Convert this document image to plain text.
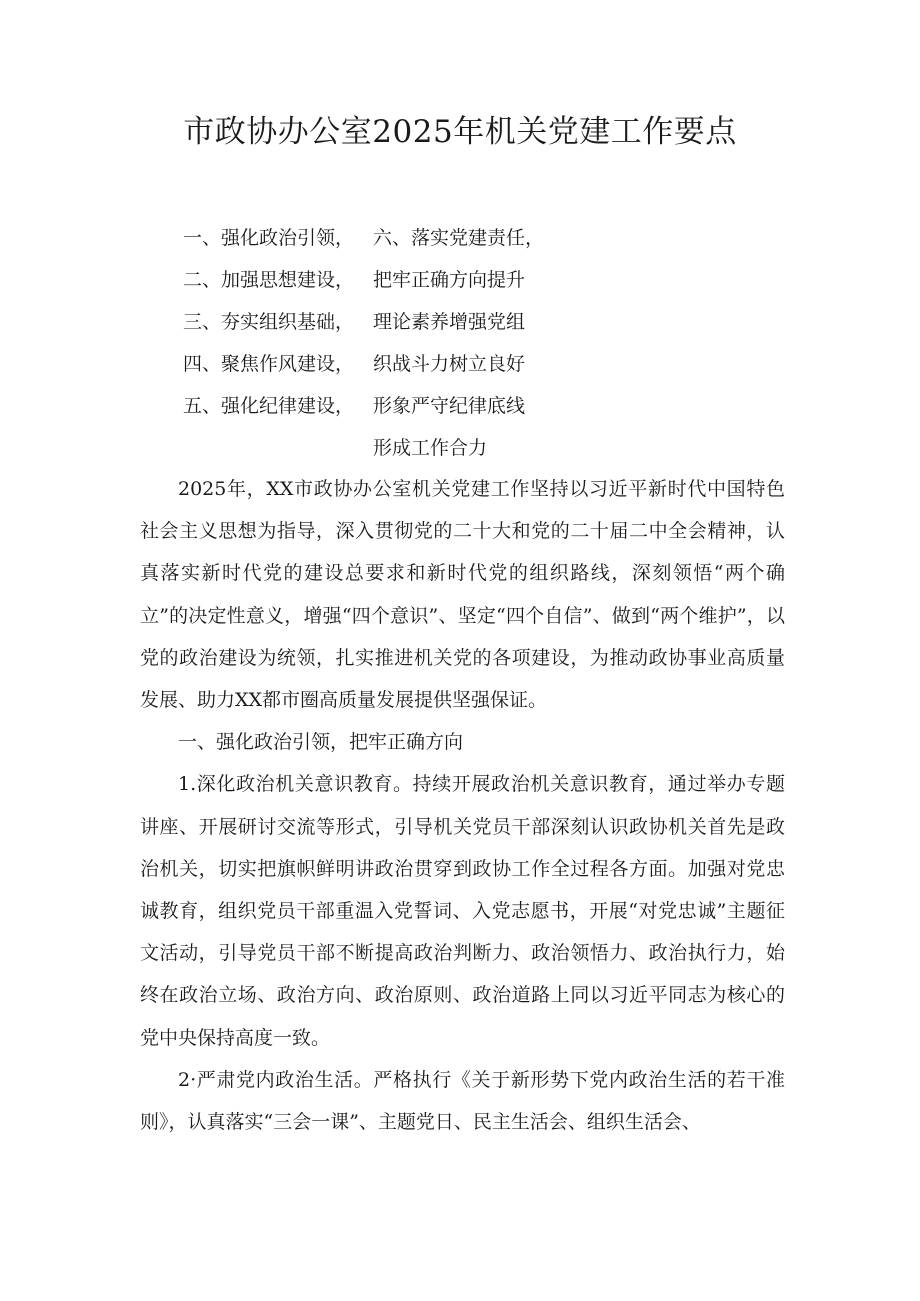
市政协办公室2025年机关党建工作要点
一、强化政治引领，
二、加强思想建设，
三、夯实组织基础，
四、聚焦作风建设，
五、强化纪律建设，
六、落实党建责任，
把牢正确方向提升
理论素养增强党组
织战斗力树立良好
形象严守纪律底线
形成工作合力

2025年，XX市政协办公室机关党建工作坚持以习近平新时代中国特色社会主义思想为指导，深入贯彻党的二十大和党的二十届二中全会精神，认真落实新时代党的建设总要求和新时代党的组织路线，深刻领悟“两个确立”的决定性意义，增强“四个意识”、坚定“四个自信”、做到“两个维护”，以党的政治建设为统领，扎实推进机关党的各项建设，为推动政协事业高质量发展、助力XX都市圈高质量发展提供坚强保证。

一、强化政治引领，把牢正确方向

1.深化政治机关意识教育。持续开展政治机关意识教育，通过举办专题讲座、开展研讨交流等形式，引导机关党员干部深刻认识政协机关首先是政治机关，切实把旗帜鲜明讲政治贯穿到政协工作全过程各方面。加强对党忠诚教育，组织党员干部重温入党誓词、入党志愿书，开展“对党忠诚”主题征文活动，引导党员干部不断提高政治判断力、政治领悟力、政治执行力，始终在政治立场、政治方向、政治原则、政治道路上同以习近平同志为核心的党中央保持高度一致。

2·严肃党内政治生活。严格执行《关于新形势下党内政治生活的若干准则》，认真落实“三会一课”、主题党日、民主生活会、组织生活会、
